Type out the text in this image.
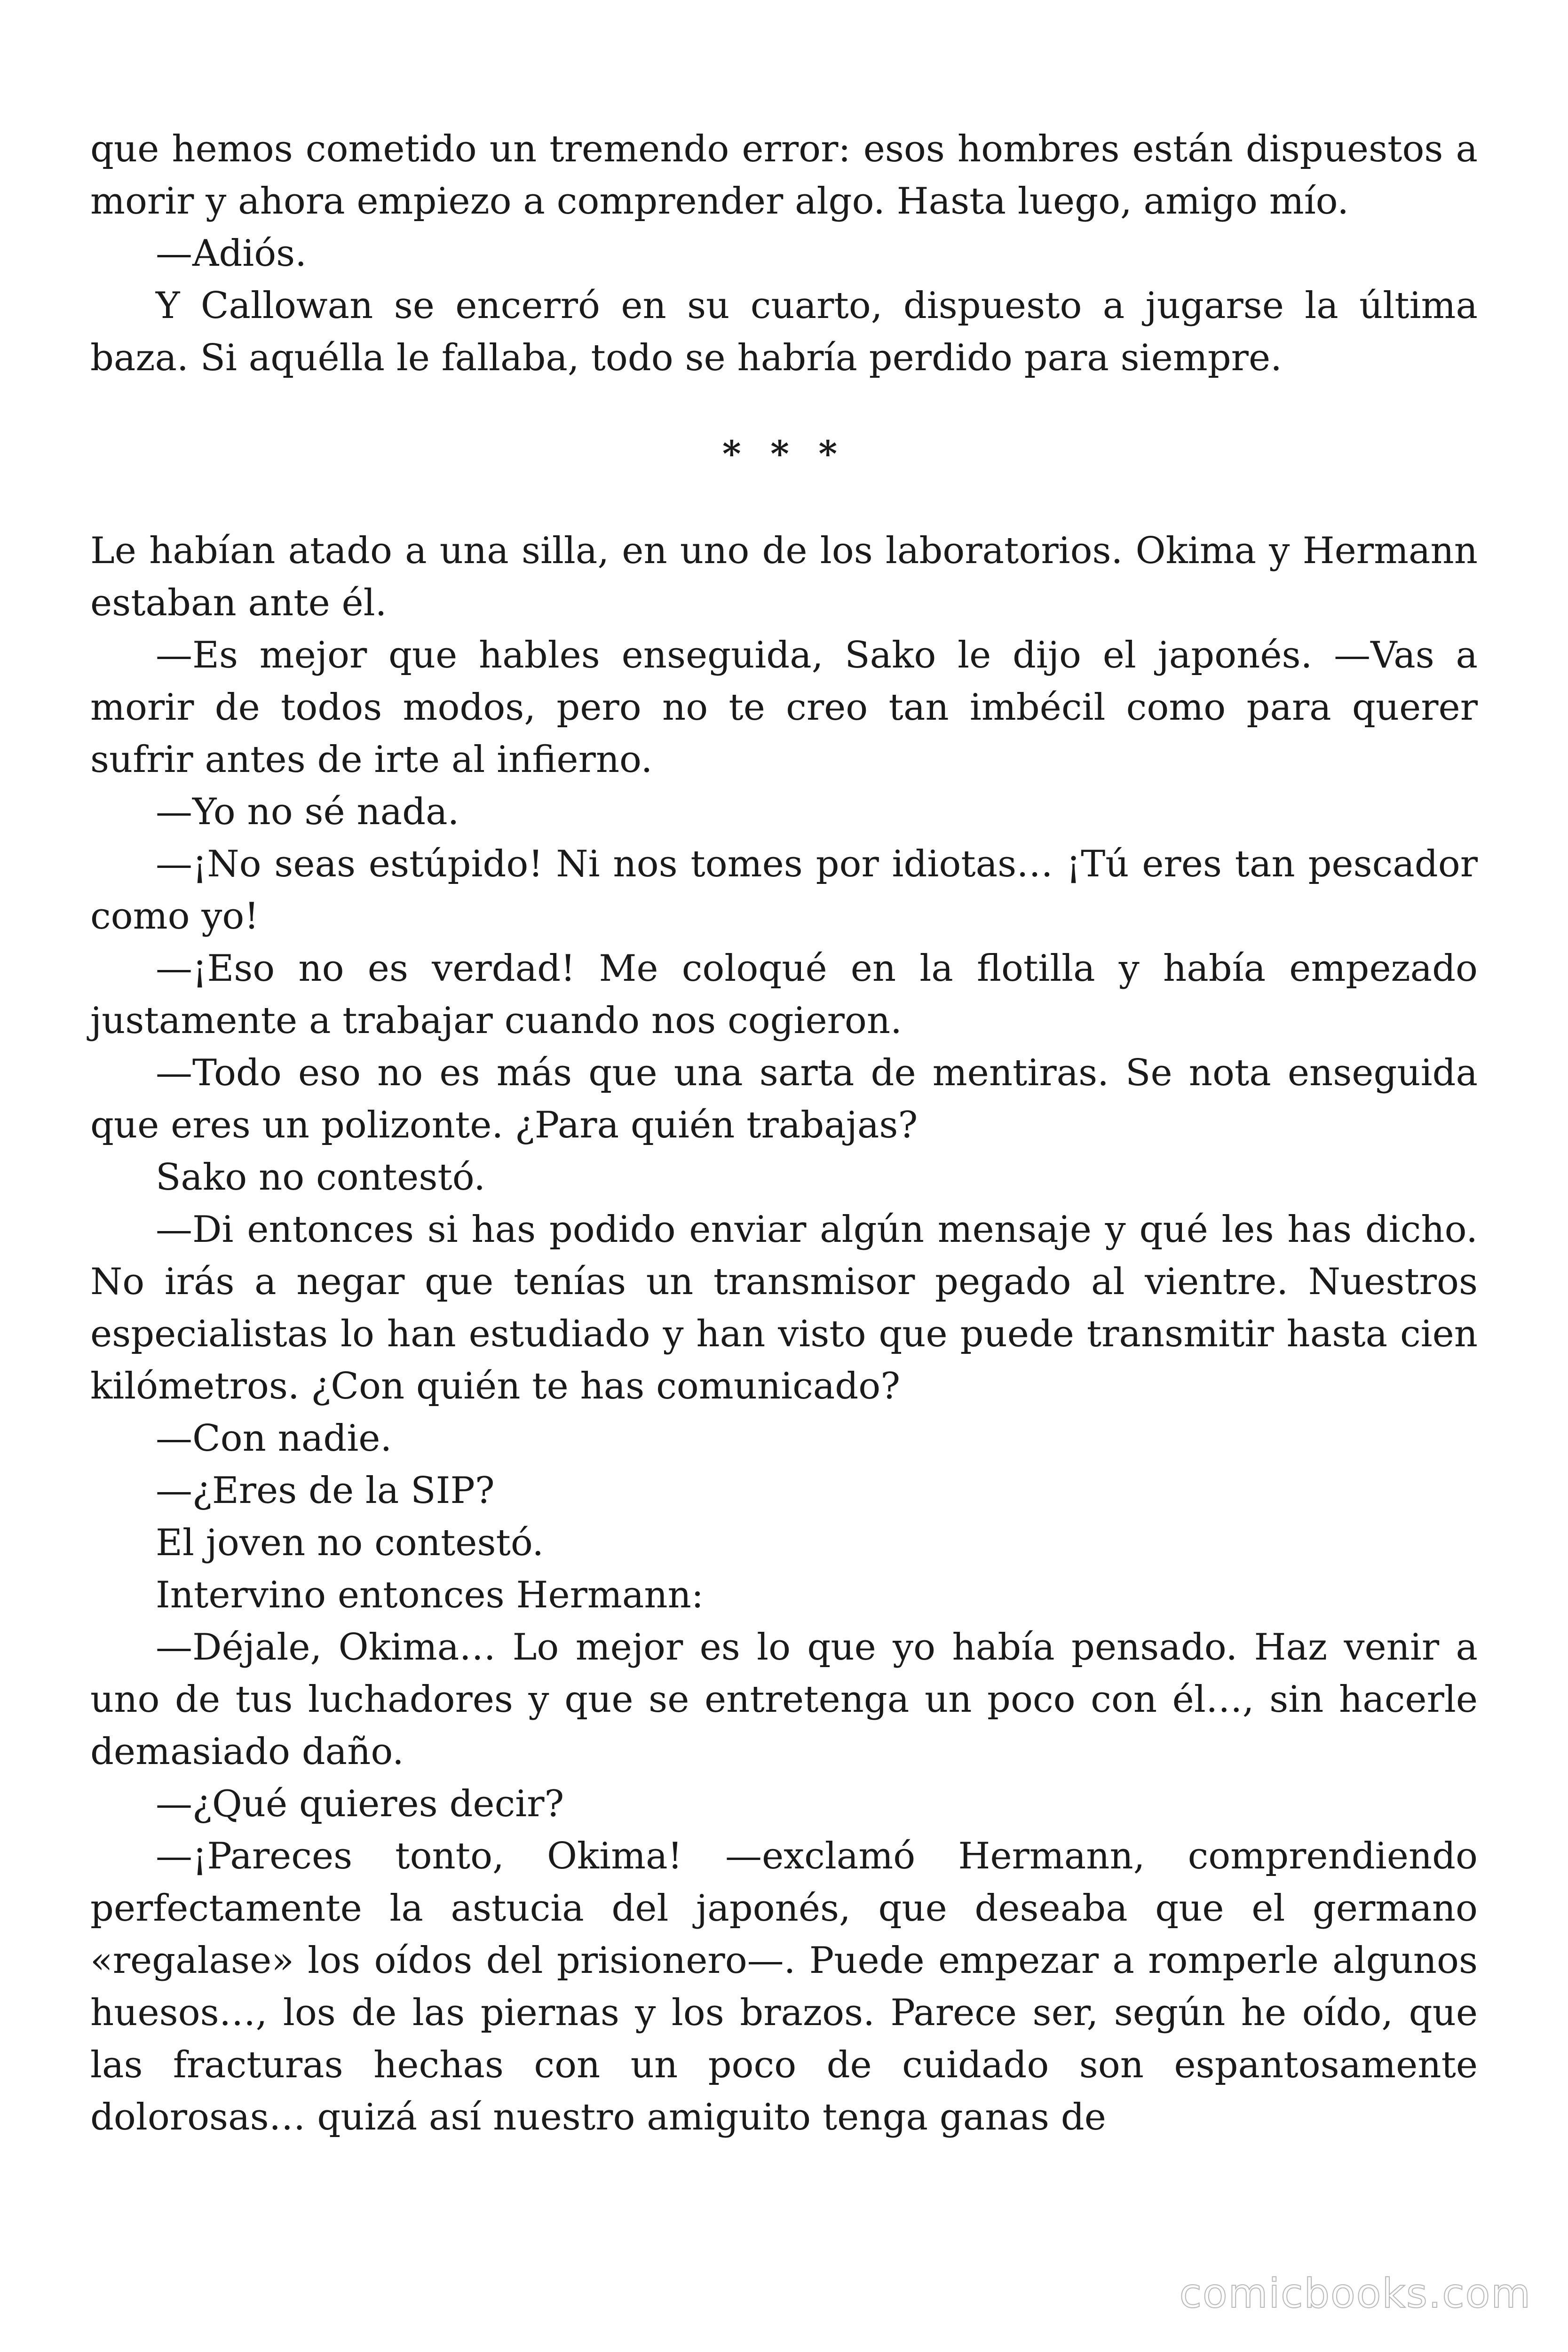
que hemos cometido un tremendo error: esos hombres están dispuestos a morir y ahora empiezo a comprender algo. Hasta luego, amigo mío.

—Adiós.

Y Callowan se encerró en su cuarto, dispuesto a jugarse la última baza. Si aquélla le fallaba, todo se habría perdido para siempre.

* * *

Le habían atado a una silla, en uno de los laboratorios. Okima y Hermann estaban ante él.

—Es mejor que hables enseguida, Sako le dijo el japonés. —Vas a morir de todos modos, pero no te creo tan imbécil como para querer sufrir antes de irte al infierno.

—Yo no sé nada.

—¡No seas estúpido! Ni nos tomes por idiotas… ¡Tú eres tan pescador como yo!

—¡Eso no es verdad! Me coloqué en la flotilla y había empezado justamente a trabajar cuando nos cogieron.

—Todo eso no es más que una sarta de mentiras. Se nota enseguida que eres un polizonte. ¿Para quién trabajas?

Sako no contestó.

—Di entonces si has podido enviar algún mensaje y qué les has dicho. No irás a negar que tenías un transmisor pegado al vientre. Nuestros especialistas lo han estudiado y han visto que puede transmitir hasta cien kilómetros. ¿Con quién te has comunicado?

—Con nadie.

—¿Eres de la SIP?

El joven no contestó.

Intervino entonces Hermann:

—Déjale, Okima… Lo mejor es lo que yo había pensado. Haz venir a uno de tus luchadores y que se entretenga un poco con él…, sin hacerle demasiado daño.

—¿Qué quieres decir?

—¡Pareces tonto, Okima! —exclamó Hermann, comprendiendo perfectamente la astucia del japonés, que deseaba que el germano «regalase» los oídos del prisionero—. Puede empezar a romperle algunos huesos…, los de las piernas y los brazos. Parece ser, según he oído, que las fracturas hechas con un poco de cuidado son espantosamente dolorosas… quizá así nuestro amiguito tenga ganas de

comicbooks.com
